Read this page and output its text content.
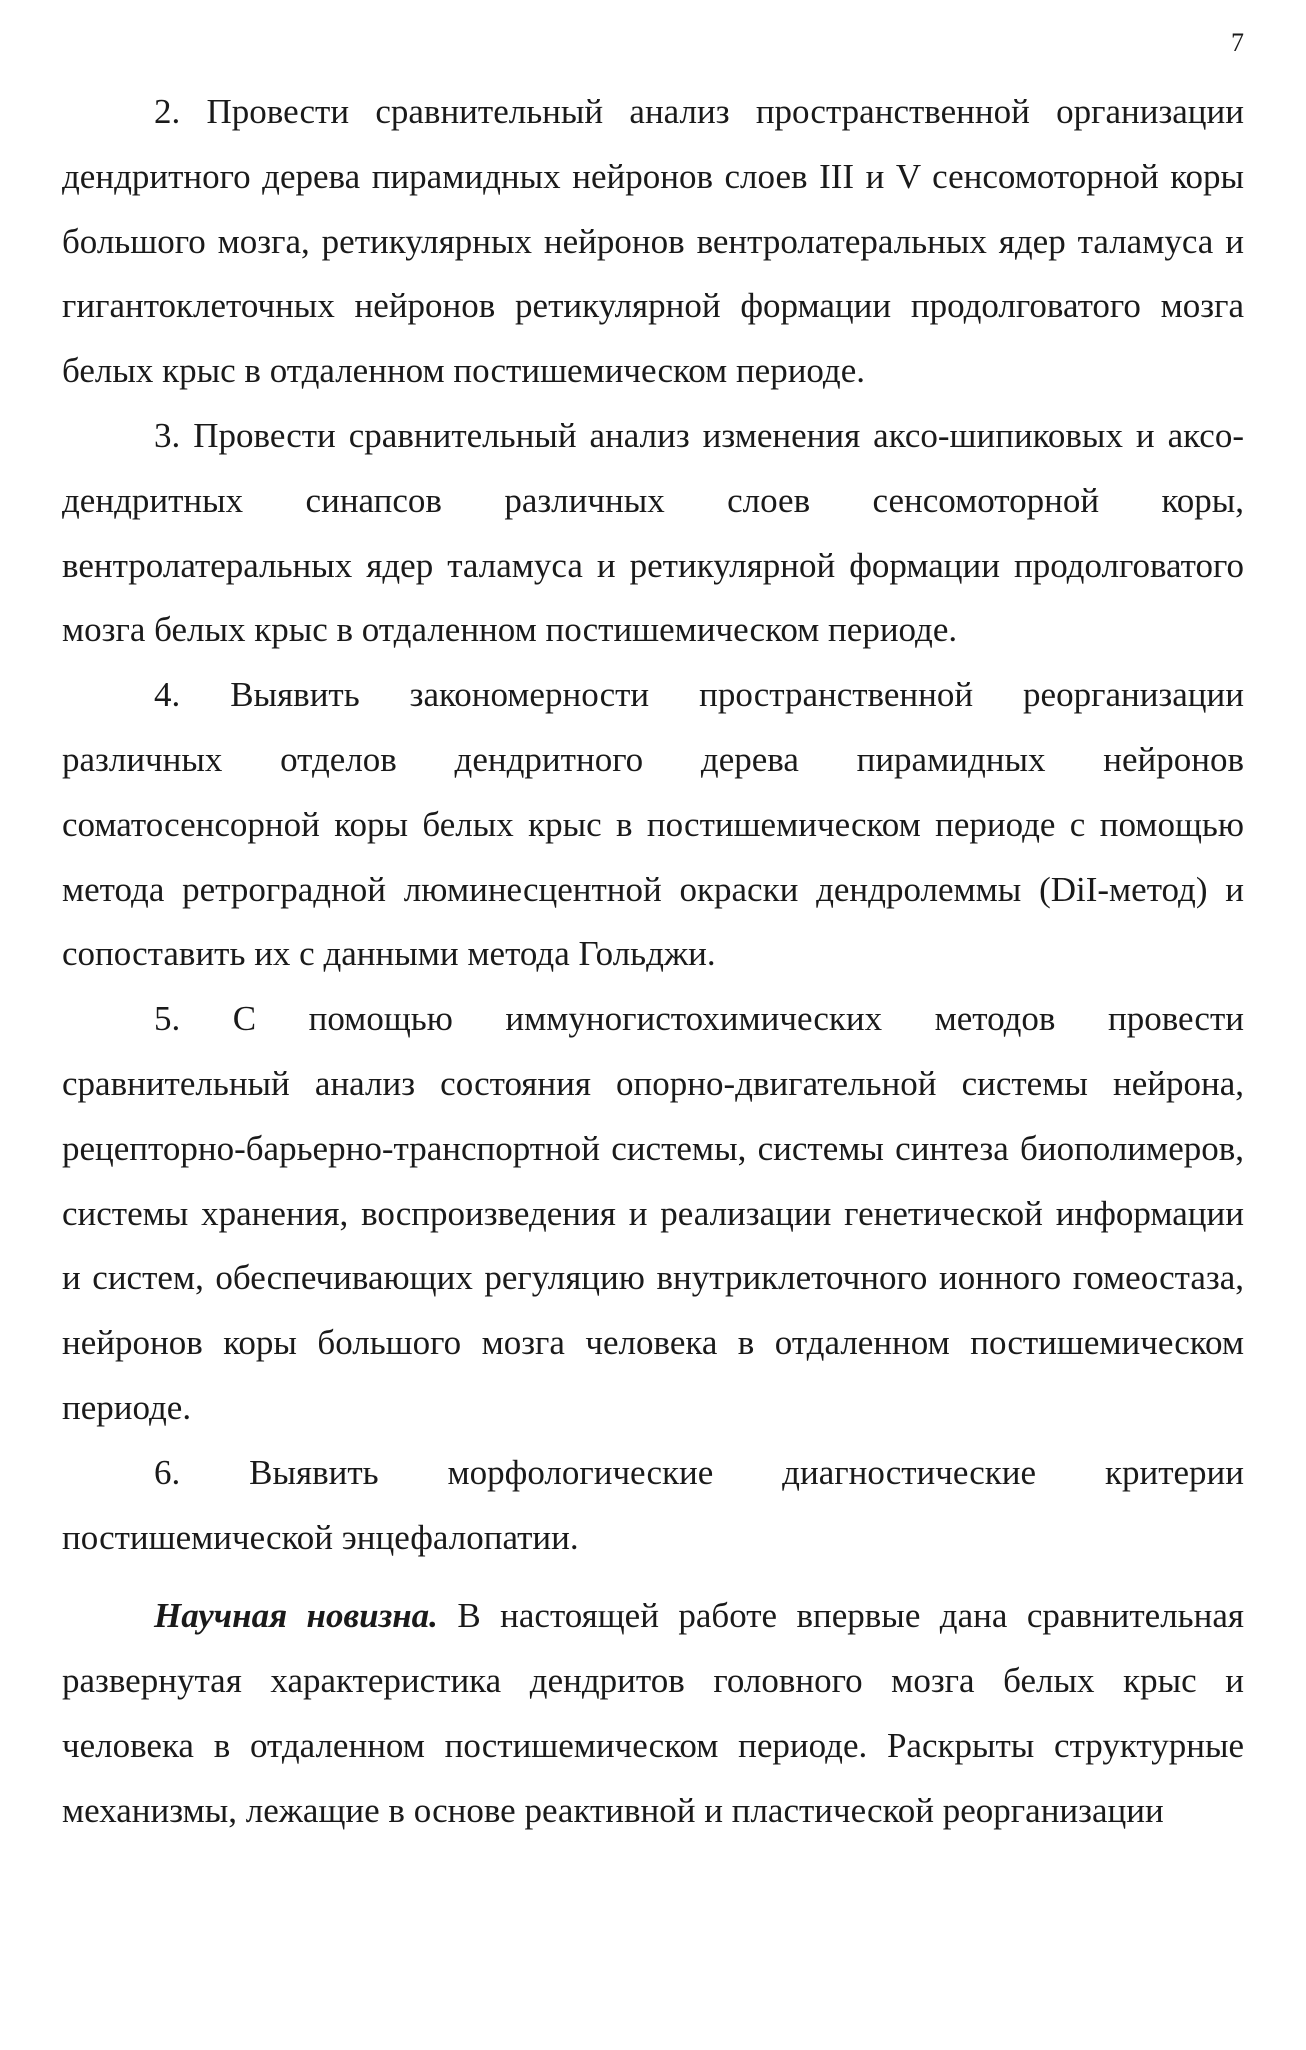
7

2. Провести сравнительный анализ пространственной организации дендритного дерева пирамидных нейронов слоев III и V сенсомоторной коры большого мозга, ретикулярных нейронов вентролатеральных ядер таламуса и гигантоклеточных нейронов ретикулярной формации продолговатого мозга белых крыс в отдаленном постишемическом периоде.

3. Провести сравнительный анализ изменения аксо-шипиковых и аксо-дендритных синапсов различных слоев сенсомоторной коры, вентролатеральных ядер таламуса и ретикулярной формации продолговатого мозга белых крыс в отдаленном постишемическом периоде.

4. Выявить закономерности пространственной реорганизации различных отделов дендритного дерева пирамидных нейронов соматосенсорной коры белых крыс в постишемическом периоде с помощью метода ретроградной люминесцентной окраски дендролеммы (DiI-метод) и сопоставить их с данными метода Гольджи.

5. С помощью иммуногистохимических методов провести сравнительный анализ состояния опорно-двигательной системы нейрона, рецепторно-барьерно-транспортной системы, системы синтеза биополимеров, системы хранения, воспроизведения и реализации генетической информации и систем, обеспечивающих регуляцию внутриклеточного ионного гомеостаза, нейронов коры большого мозга человека в отдаленном постишемическом периоде.

6. Выявить морфологические диагностические критерии постишемической энцефалопатии.

Научная новизна. В настоящей работе впервые дана сравнительная развернутая характеристика дендритов головного мозга белых крыс и человека в отдаленном постишемическом периоде. Раскрыты структурные механизмы, лежащие в основе реактивной и пластической реорганизации
